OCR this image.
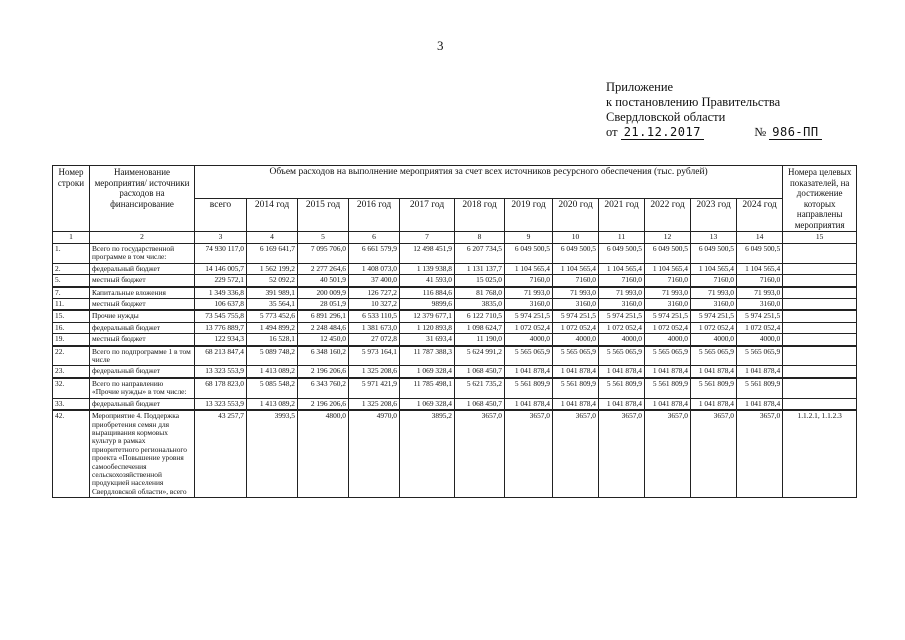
3
Приложение
к постановлению Правительства
Свердловской области
от 21.12.2017	№ 986-ПП
Номер строки	Наименование мероприятия/ источники расходов на финансирование	Объем расходов на выполнение мероприятия за счет всех источников ресурсного обеспечения (тыс. рублей)												Номера целевых показателей, на достижение которых направлены мероприятия
		всего	2014 год	2015 год	2016 год	2017 год	2018 год	2019 год	2020 год	2021 год	2022 год	2023 год	2024 год	
1	2	3	4	5	6	7	8	9	10	11	12	13	14	15
1.	Всего по государственной программе в том числе:	74 930 117,0	6 169 641,7	7 095 706,0	6 661 579,9	12 498 451,9	6 207 734,5	6 049 500,5	6 049 500,5	6 049 500,5	6 049 500,5	6 049 500,5	6 049 500,5	
2.	федеральный бюджет	14 146 005,7	1 562 199,2	2 277 264,6	1 408 073,0	1 139 938,8	1 131 137,7	1 104 565,4	1 104 565,4	1 104 565,4	1 104 565,4	1 104 565,4	1 104 565,4	
5.	местный бюджет	229 572,1	52 092,2	40 501,9	37 400,0	41 593,0	15 025,0	7160,0	7160,0	7160,0	7160,0	7160,0	7160,0	
7.	Капитальные вложения	1 349 336,8	391 989,1	200 009,9	126 727,2	116 884,6	81 768,0	71 993,0	71 993,0	71 993,0	71 993,0	71 993,0	71 993,0	
11.	местный бюджет	106 637,8	35 564,1	28 051,9	10 327,2	9899,6	3835,0	3160,0	3160,0	3160,0	3160,0	3160,0	3160,0	
15.	Прочие нужды	73 545 755,8	5 773 452,6	6 891 296,1	6 533 110,5	12 379 677,1	6 122 710,5	5 974 251,5	5 974 251,5	5 974 251,5	5 974 251,5	5 974 251,5	5 974 251,5	
16.	федеральный бюджет	13 776 889,7	1 494 899,2	2 248 484,6	1 381 673,0	1 120 893,8	1 098 624,7	1 072 052,4	1 072 052,4	1 072 052,4	1 072 052,4	1 072 052,4	1 072 052,4	
19.	местный бюджет	122 934,3	16 528,1	12 450,0	27 072,8	31 693,4	11 190,0	4000,0	4000,0	4000,0	4000,0	4000,0	4000,0	
22.	Всего по подпрограмме 1 в том числе	68 213 847,4	5 089 748,2	6 348 160,2	5 973 164,1	11 787 388,3	5 624 991,2	5 565 065,9	5 565 065,9	5 565 065,9	5 565 065,9	5 565 065,9	5 565 065,9	
23.	федеральный бюджет	13 323 553,9	1 413 089,2	2 196 206,6	1 325 208,6	1 069 328,4	1 068 450,7	1 041 878,4	1 041 878,4	1 041 878,4	1 041 878,4	1 041 878,4	1 041 878,4	
32.	Всего по направлению «Прочие нужды» в том числе:	68 178 823,0	5 085 548,2	6 343 760,2	5 971 421,9	11 785 498,1	5 621 735,2	5 561 809,9	5 561 809,9	5 561 809,9	5 561 809,9	5 561 809,9	5 561 809,9	
33.	федеральный бюджет	13 323 553,9	1 413 089,2	2 196 206,6	1 325 208,6	1 069 328,4	1 068 450,7	1 041 878,4	1 041 878,4	1 041 878,4	1 041 878,4	1 041 878,4	1 041 878,4	
42.	Мероприятие 4. Поддержка приобретения семян для выращивания кормовых культур в рамках приоритетного регионального проекта «Повышение уровня самообеспечения сельскохозяйственной продукцией населения Свердловской области», всего	43 257,7	3993,5	4800,0	4970,0	3895,2	3657,0	3657,0	3657,0	3657,0	3657,0	3657,0	3657,0	1.1.2.1, 1.1.2.3
